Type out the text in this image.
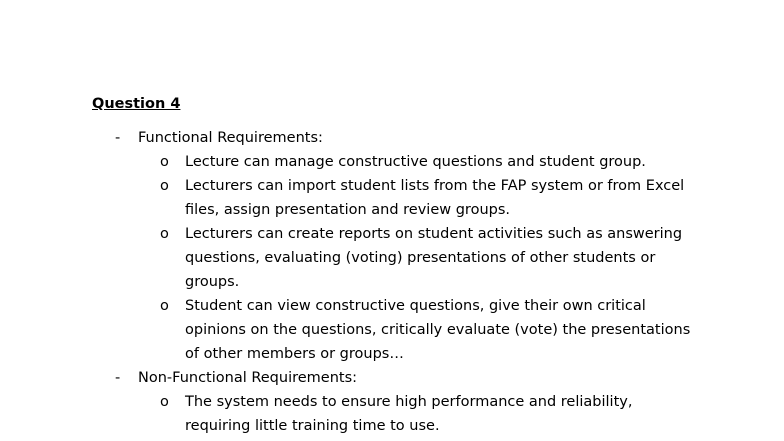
Question 4
- Functional Requirements:
o Lecture can manage constructive questions and student group.
o Lecturers can import student lists from the FAP system or from Excel
files, assign presentation and review groups.
o Lecturers can create reports on student activities such as answering
questions, evaluating (voting) presentations of other students or
groups.
o Student can view constructive questions, give their own critical
opinions on the questions, critically evaluate (vote) the presentations
of other members or groups…
- Non-Functional Requirements:
o The system needs to ensure high performance and reliability,
requiring little training time to use.
